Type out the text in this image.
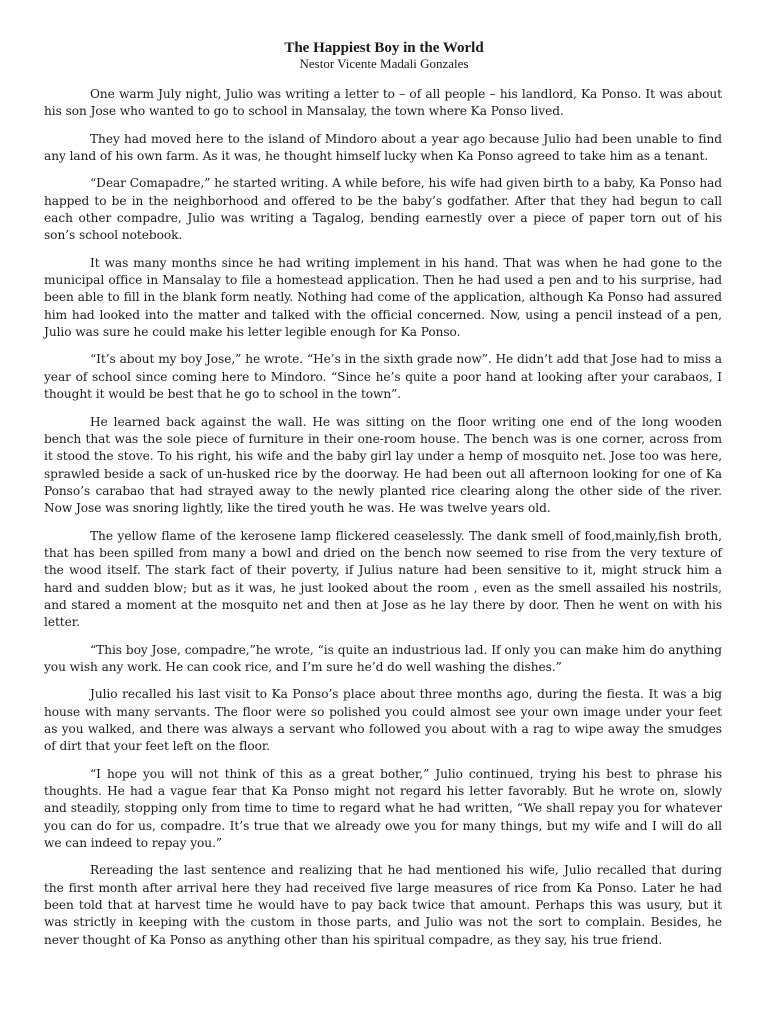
The Happiest Boy in the World
Nestor Vicente Madali Gonzales

One warm July night, Julio was writing a letter to – of all people – his landlord, Ka Ponso. It was about his son Jose who wanted to go to school in Mansalay, the town where Ka Ponso lived.

They had moved here to the island of Mindoro about a year ago because Julio had been unable to find any land of his own farm. As it was, he thought himself lucky when Ka Ponso agreed to take him as a tenant.

“Dear Comapadre,” he started writing. A while before, his wife had given birth to a baby, Ka Ponso had happed to be in the neighborhood and offered to be the baby’s godfather. After that they had begun to call each other compadre, Julio was writing a Tagalog, bending earnestly over a piece of paper torn out of his son’s school notebook.

It was many months since he had writing implement in his hand. That was when he had gone to the municipal office in Mansalay to file a homestead application. Then he had used a pen and to his surprise, had been able to fill in the blank form neatly. Nothing had come of the application, although Ka Ponso had assured him had looked into the matter and talked with the official concerned. Now, using a pencil instead of a pen, Julio was sure he could make his letter legible enough for Ka Ponso.

“It’s about my boy Jose,” he wrote. “He’s in the sixth grade now”. He didn’t add that Jose had to miss a year of school since coming here to Mindoro. “Since he’s quite a poor hand at looking after your carabaos, I thought it would be best that he go to school in the town”.

He learned back against the wall. He was sitting on the floor writing one end of the long wooden bench that was the sole piece of furniture in their one-room house. The bench was is one corner, across from it stood the stove. To his right, his wife and the baby girl lay under a hemp of mosquito net. Jose too was here, sprawled beside a sack of un-husked rice by the doorway. He had been out all afternoon looking for one of Ka Ponso’s carabao that had strayed away to the newly planted rice clearing along the other side of the river. Now Jose was snoring lightly, like the tired youth he was. He was twelve years old.

The yellow flame of the kerosene lamp flickered ceaselessly. The dank smell of food,mainly,fish broth, that has been spilled from many a bowl and dried on the bench now seemed to rise from the very texture of the wood itself. The stark fact of their poverty, if Julius nature had been sensitive to it, might struck him a hard and sudden blow; but as it was, he just looked about the room , even as the smell assailed his nostrils, and stared a moment at the mosquito net and then at Jose as he lay there by door. Then he went on with his letter.

“This boy Jose, compadre,”he wrote, “is quite an industrious lad. If only you can make him do anything you wish any work. He can cook rice, and I’m sure he’d do well washing the dishes.”

Julio recalled his last visit to Ka Ponso’s place about three months ago, during the fiesta. It was a big house with many servants. The floor were so polished you could almost see your own image under your feet as you walked, and there was always a servant who followed you about with a rag to wipe away the smudges of dirt that your feet left on the floor.

“I hope you will not think of this as a great bother,” Julio continued, trying his best to phrase his thoughts. He had a vague fear that Ka Ponso might not regard his letter favorably. But he wrote on, slowly and steadily, stopping only from time to time to regard what he had written, “We shall repay you for whatever you can do for us, compadre. It’s true that we already owe you for many things, but my wife and I will do all we can indeed to repay you.”

Rereading the last sentence and realizing that he had mentioned his wife, Julio recalled that during the first month after arrival here they had received five large measures of rice from Ka Ponso. Later he had been told that at harvest time he would have to pay back twice that amount. Perhaps this was usury, but it was strictly in keeping with the custom in those parts, and Julio was not the sort to complain. Besides, he never thought of Ka Ponso as anything other than his spiritual compadre, as they say, his true friend.
